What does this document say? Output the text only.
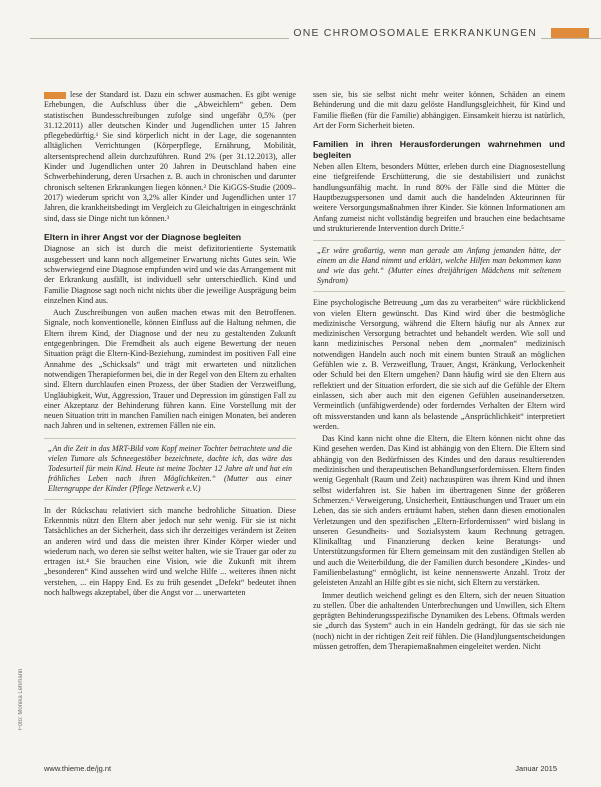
ONE CHROMOSOMALE ERKRANKUNGEN

lese der Standard ist. Dazu ein schwer ausmachen. Es gibt wenige Erhebungen, die Aufschluss über die „Abweichlern“ geben. Dem statistischen Bundesschreibungen zufolge sind ungefähr 0,5% (per 31.12.2011) aller deutschen Kinder und Jugendlichen unter 15 Jahren pflegebedürftig.¹ Sie sind körperlich nicht in der Lage, die sogenannten alltäglichen Verrichtungen (Körperpflege, Ernährung, Mobilität, altersentsprechend allein durchzuführen. Rund 2% (per 31.12.2013), aller Kinder und Jugendlichen unter 20 Jahren in Deutschland haben eine Schwerbehinderung, deren Ursachen z. B. auch in chronischen und darunter chronisch seltenen Erkrankungen liegen können.² Die KiGGS-Studie (2009–2017) wiederum spricht von 3,2% aller Kinder und Jugendlichen unter 17 Jahren, die krankheitsbedingt im Vergleich zu Gleichaltrigen in eingeschränkt sind, dass sie Dinge nicht tun können.³

Eltern in ihrer Angst vor der Diagnose begleiten

Diagnose an sich ist durch die meist defizitorientierte Systematik ausgebessert und kann noch allgemeiner Erwartung nichts Gutes sein. Wie schwerwiegend eine Diagnose empfunden wird und wie das Arrangement mit der Erkrankung ausfällt, ist individuell sehr unterschiedlich. Kind und Familie Diagnose sagt noch nicht nichts über die jeweilige Ausprägung beim einzelnen Kind aus.

Auch Zuschreibungen von außen machen etwas mit den Betroffenen. Signale, noch konventionelle, können Einfluss auf die Haltung nehmen, die Eltern ihrem Kind, der Diagnose und der neu zu gestaltenden Zukunft entgegenbringen. Die Fremdheit als auch eigene Bewertung der neuen Situation prägt die Eltern-Kind-Beziehung, zumindest im positiven Fall eine Annahme des „Schicksals“ und trägt mit erwarteten und nützlichen notwendigen Therapieformen bei, die in der Regel von den Eltern zu erhalten sind. Eltern durchlaufen einen Prozess, der über Stadien der Verzweiflung, Ungläubigkeit, Wut, Aggression, Trauer und Depression im günstigen Fall zu einer Akzeptanz der Behinderung führen kann. Eine Vorstellung mit der neuen Situation tritt in manchen Familien nach einigen Monaten, bei anderen nach Jahren und in seltenen, extremen Fällen nie ein.

„An die Zeit in das MRT-Bild vom Kopf meiner Tochter betrachtete und die vielen Tumore als Schneegestöber bezeichnete, dachte ich, das wäre das Todesurteil für mein Kind. Heute ist meine Tochter 12 Jahre alt und hat ein fröhliches Leben nach ihren Möglichkeiten.“ (Mutter aus einer Elterngruppe der Kinder (Pflege Netzwerk e.V.)

In der Rückschau relativiert sich manche bedrohliche Situation. Diese Erkenntnis nützt den Eltern aber jedoch nur sehr wenig. Für sie ist nicht Tatsächliches an der Sicherheit, dass sich ihr derzeitiges verändern ist Zeiten an anderen wird und dass die meisten ihrer Kinder Körper wieder und wiederum nach, wo deren sie selbst weiter halten, wie sie Trauer gar oder zu ertragen ist.⁴ Sie brauchen eine Vision, wie die Zukunft mit ihrem „besonderen“ Kind aussehen wird und welche Hilfe ... weiteres ihnen nicht verstehen, ... ein Happy End. Es zu früh gesendet „Defekt“ bedeutet ihnen noch halbwegs akzeptabel, über die Angst vor ... unerwarteten

ssen sie, bis sie selbst nicht mehr weiter können, Schäden an einem Behinderung und die mit dazu gelöste Handlungsgleichheit, für Kind und Familie fließen (für die Familie) abhängigen. Einsamkeit hierzu ist natürlich, Art der Form Sicherheit bieten.

Familien in ihren Herausforderungen wahrnehmen und begleiten

Neben allen Eltern, besonders Mütter, erleben durch eine Diagnosestellung eine tiefgreifende Erschütterung, die sie destabilisiert und zunächst handlungsunfähig macht. In rund 80% der Fälle sind die Mütter die Hauptbezugspersonen und damit auch die handelnden Akteurinnen für weitere Versorgungsmaßnahmen ihrer Kinder. Sie können Informationen am Anfang zumeist nicht vollständig begreifen und brauchen eine bedachtsame und strukturierende Intervention durch Dritte.⁵

„Er wäre großartig, wenn man gerade am Anfang jemanden hätte, der einem an die Hand nimmt und erklärt, welche Hilfen man bekommen kann und wie das geht.“ (Mutter eines dreijährigen Mädchens mit seltenem Syndrom)

Eine psychologische Betreuung „um das zu verarbeiten“ wäre rückblickend von vielen Eltern gewünscht. Das Kind wird über die bestmögliche medizinische Versorgung, während die Eltern häufig nur als Annex zur medizinischen Versorgung betrachtet und behandelt werden. Wie soll und kann medizinisches Personal neben dem „normalen“ medizinisch notwendigen Handeln auch noch mit einem bunten Strauß an möglichen Gefühlen wie z. B. Verzweiflung, Trauer, Angst, Kränkung, Verlockenheit oder Schuld bei den Eltern umgehen? Dann häufig wird sie den Eltern aus reflektiert und der Situation erfordert, die sie sich auf die Gefühle der Eltern einlassen, sich aber auch mit den eigenen Gefühlen auseinandersetzen. Vermeintlich (unfähigwerdende) oder forderndes Verhalten der Eltern wird oft missverstanden und kann als belastende „Ansprüchlichkeit“ interpretiert werden.

Das Kind kann nicht ohne die Eltern, die Eltern können nicht ohne das Kind gesehen werden. Das Kind ist abhängig von den Eltern. Die Eltern sind abhängig von den Bedürfnissen des Kindes und den daraus resultierenden medizinischen und therapeutischen Behandlungserfordernissen. Eltern finden wenig Gegenhalt (Raum und Zeit) nachzuspüren was ihrem Kind und ihnen selbst widerfahren ist. Sie haben im übertragenen Sinne der größeren Schmerzen.⁶ Verweigerung, Unsicherheit, Enttäuschungen und Trauer um ein Leben, das sie sich anders erträumt haben, stehen dann diesen emotionalen Verletzungen und den spezifischen „Eltern-Erfordernissen“ wird bislang in unseren Gesundheits- und Sozialsystem kaum Rechnung getragen. Klinikalltag und Finanzierung decken keine Beratungs- und Unterstützungsformen für Eltern gemeinsam mit den zuständigen Stellen ab und auch die Weiterbildung, die der Familien durch besondere „Kindes- und Familienbelastung“ ermöglicht, ist keine nennenswerte Anzahl. Trotz der geleisteten Anzahl an Hilfe gibt es sie nicht, sich Eltern zu verstärken.

Immer deutlich weichend gelingt es den Eltern, sich der neuen Situation zu stellen. Über die anhaltenden Unterbrechungen und Unwillen, sich Eltern geprägten Behinderungsspezifische Dynamiken des Lebens. Oftmals werden sie „durch das System“ auch in ein Handeln gedrängt, für das sie sich nie (noch) nicht in der richtigen Zeit reif fühlen. Die (Hand)lungsentscheidungen müssen getroffen, dem Therapiemaßnahmen eingeleitet werden. Nicht

Foto: Monika Lehmann
www.thieme.de/jg.nt	Januar 2015
